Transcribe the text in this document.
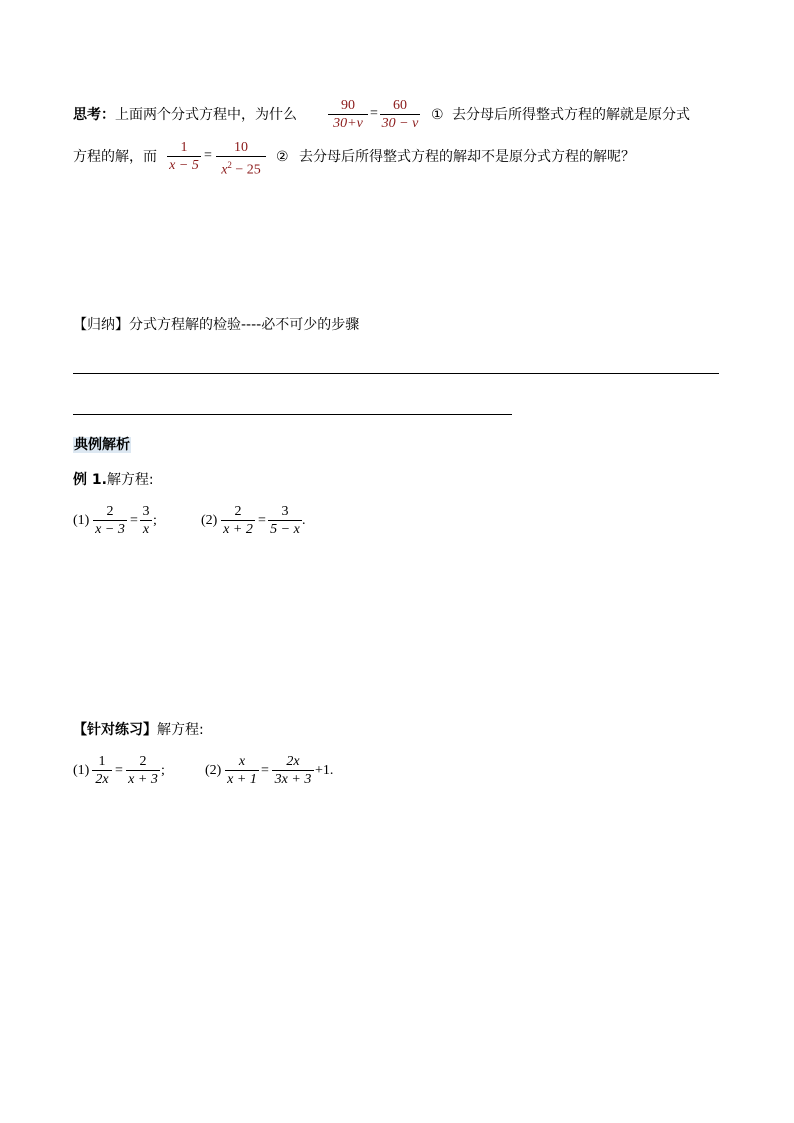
思考：上面两个分式方程中，为什么
90
30+v
=
60
30 − v
① 去分母后所得整式方程的解就是原分式
方程的解，而
1
x − 5
=
10
$x^2 - 25$
② 去分母后所得整式方程的解却不是原分式方程的解呢？
【归纳】分式方程解的检验----必不可少的步骤
典例解析
例 1.解方程:
(1)
2
x − 3
=
3
x
;	(2)
2
x + 2
=
3
5 − x
.
【针对练习】解方程:
(1)
1
2x
=
2
x + 3
;	(2)
x
x + 1
=
2x
3x + 3
+1.
